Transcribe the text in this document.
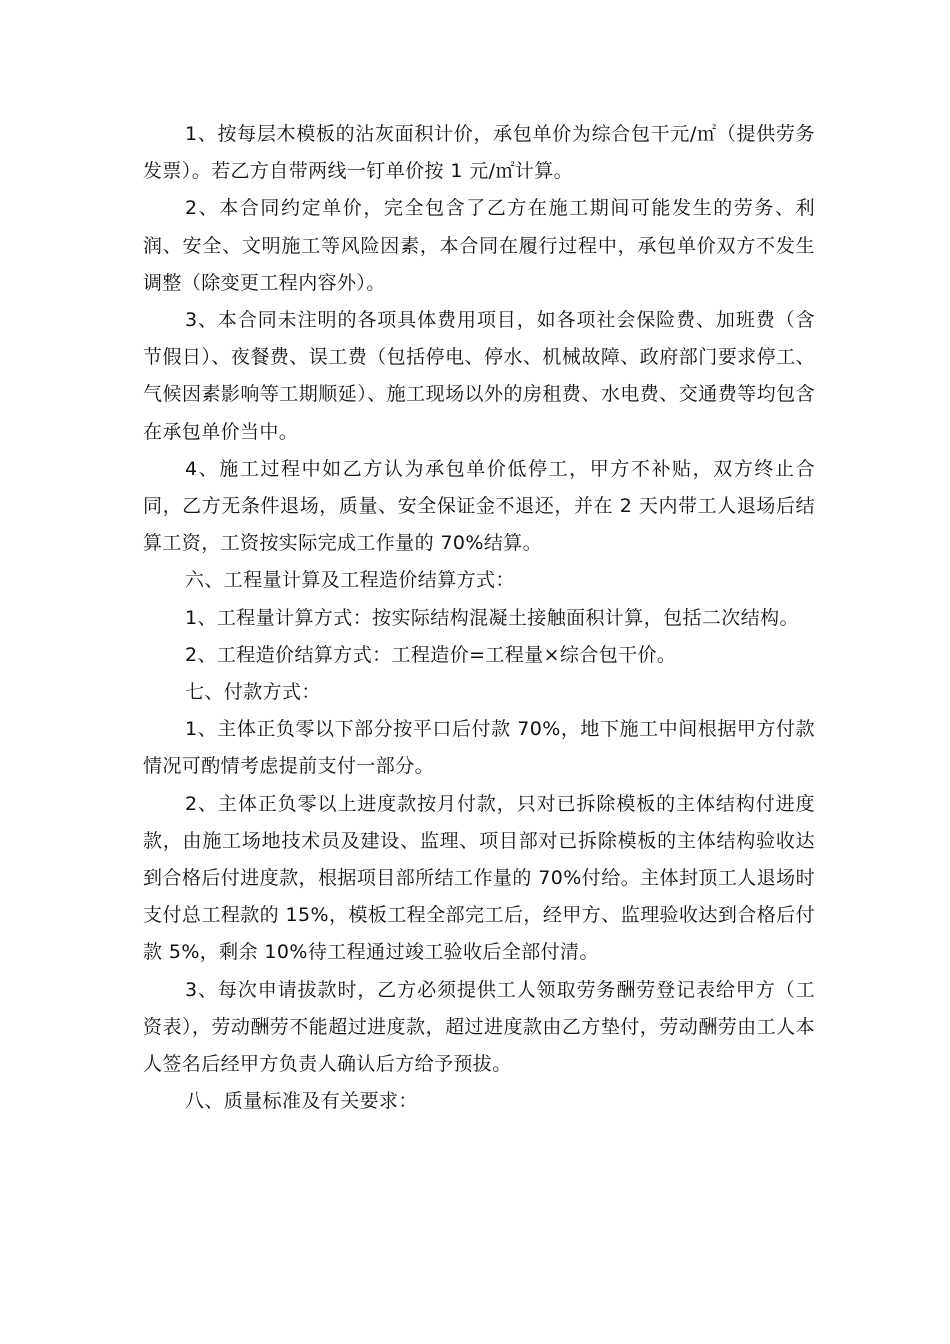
1、按每层木模板的沾灰面积计价，承包单价为综合包干元/㎡（提供劳务发票）。若乙方自带两线一钉单价按 1 元/㎡计算。

2、本合同约定单价，完全包含了乙方在施工期间可能发生的劳务、利润、安全、文明施工等风险因素，本合同在履行过程中，承包单价双方不发生调整（除变更工程内容外）。

3、本合同未注明的各项具体费用项目，如各项社会保险费、加班费（含节假日）、夜餐费、误工费（包括停电、停水、机械故障、政府部门要求停工、气候因素影响等工期顺延）、施工现场以外的房租费、水电费、交通费等均包含在承包单价当中。

4、施工过程中如乙方认为承包单价低停工，甲方不补贴，双方终止合同，乙方无条件退场，质量、安全保证金不退还，并在 2 天内带工人退场后结算工资，工资按实际完成工作量的 70%结算。

六、工程量计算及工程造价结算方式：

1、工程量计算方式：按实际结构混凝土接触面积计算，包括二次结构。

2、工程造价结算方式：工程造价=工程量×综合包干价。

七、付款方式：

1、主体正负零以下部分按平口后付款 70%，地下施工中间根据甲方付款情况可酌情考虑提前支付一部分。

2、主体正负零以上进度款按月付款，只对已拆除模板的主体结构付进度款，由施工场地技术员及建设、监理、项目部对已拆除模板的主体结构验收达到合格后付进度款，根据项目部所结工作量的 70%付给。主体封顶工人退场时支付总工程款的 15%，模板工程全部完工后，经甲方、监理验收达到合格后付款 5%，剩余 10%待工程通过竣工验收后全部付清。

3、每次申请拔款时，乙方必须提供工人领取劳务酬劳登记表给甲方（工资表），劳动酬劳不能超过进度款，超过进度款由乙方垫付，劳动酬劳由工人本人签名后经甲方负责人确认后方给予预拔。

八、质量标准及有关要求：
